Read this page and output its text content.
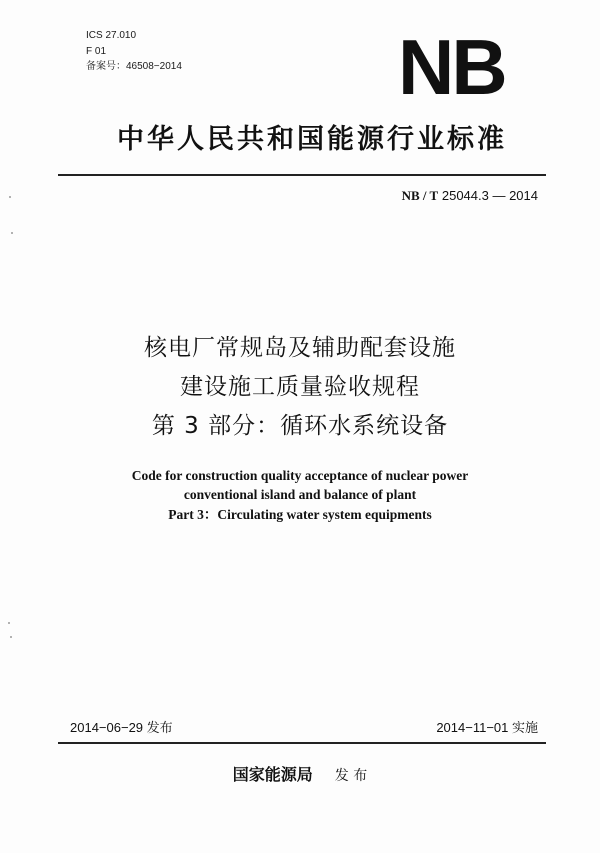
ICS 27.010
F 01
备案号：46508−2014	NB
中华人民共和国能源行业标准
NB / T 25044.3 — 2014
核电厂常规岛及辅助配套设施
建设施工质量验收规程
第 3 部分：循环水系统设备
Code for construction quality acceptance of nuclear power
conventional island and balance of plant
Part 3：Circulating water system equipments
2014−06−29 发布	2014−11−01 实施
国家能源局 发 布
